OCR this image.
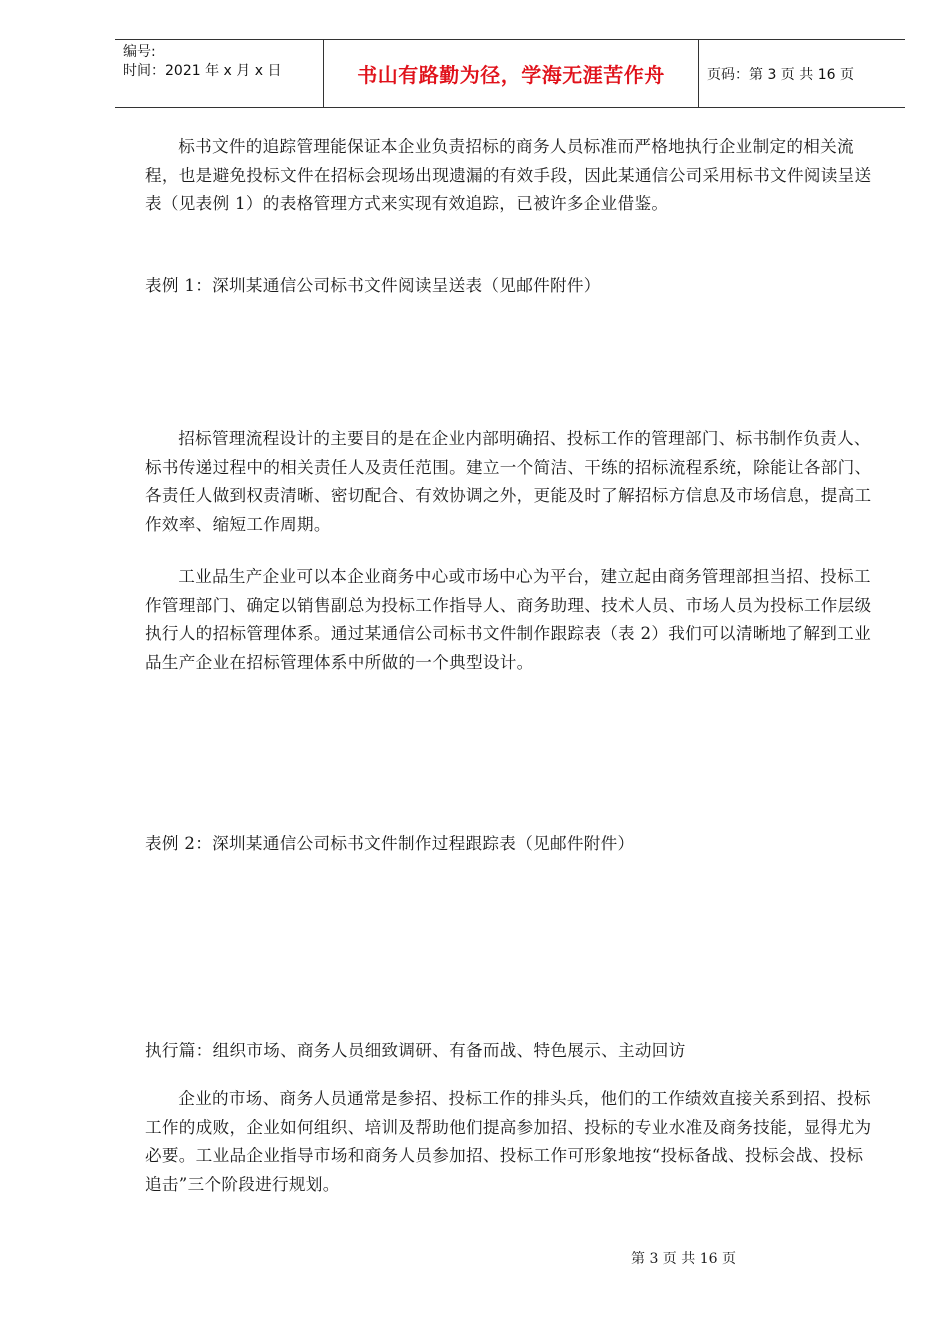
编号:
时间：2021 年 x 月 x 日	书山有路勤为径，学海无涯苦作舟	页码：第 3 页 共 16 页

标书文件的追踪管理能保证本企业负责招标的商务人员标准而严格地执行企业制定的相关流程，也是避免投标文件在招标会现场出现遗漏的有效手段，因此某通信公司采用标书文件阅读呈送表（见表例 1）的表格管理方式来实现有效追踪，已被许多企业借鉴。

表例 1：深圳某通信公司标书文件阅读呈送表（见邮件附件）

招标管理流程设计的主要目的是在企业内部明确招、投标工作的管理部门、标书制作负责人、标书传递过程中的相关责任人及责任范围。建立一个简洁、干练的招标流程系统，除能让各部门、各责任人做到权责清晰、密切配合、有效协调之外，更能及时了解招标方信息及市场信息，提高工作效率、缩短工作周期。

工业品生产企业可以本企业商务中心或市场中心为平台，建立起由商务管理部担当招、投标工作管理部门、确定以销售副总为投标工作指导人、商务助理、技术人员、市场人员为投标工作层级执行人的招标管理体系。通过某通信公司标书文件制作跟踪表（表 2）我们可以清晰地了解到工业品生产企业在招标管理体系中所做的一个典型设计。

表例 2：深圳某通信公司标书文件制作过程跟踪表（见邮件附件）

执行篇：组织市场、商务人员细致调研、有备而战、特色展示、主动回访

企业的市场、商务人员通常是参招、投标工作的排头兵，他们的工作绩效直接关系到招、投标工作的成败，企业如何组织、培训及帮助他们提高参加招、投标的专业水准及商务技能，显得尤为必要。工业品企业指导市场和商务人员参加招、投标工作可形象地按“投标备战、投标会战、投标追击”三个阶段进行规划。

第 3 页 共 16 页
